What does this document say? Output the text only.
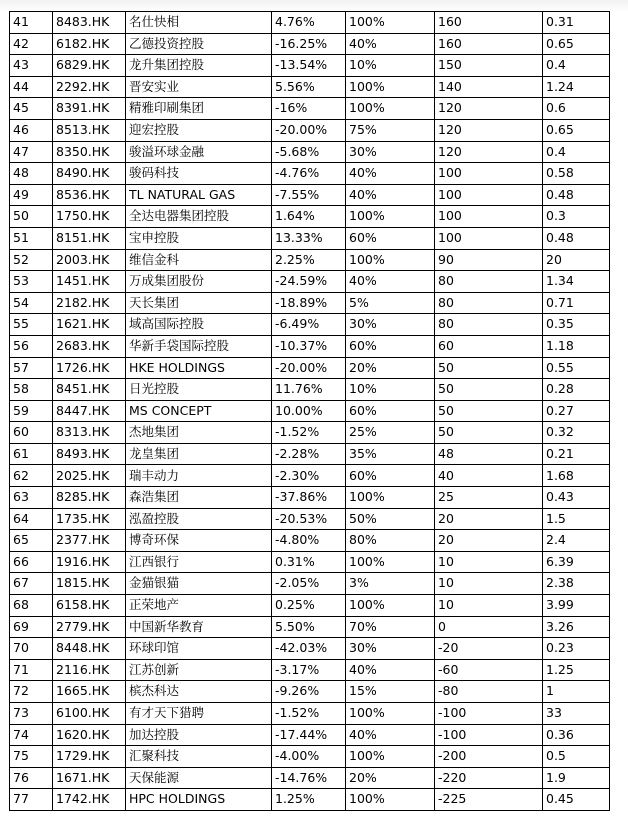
41	8483.HK	名仕快相	4.76%	100%	160	0.31
42	6182.HK	乙德投资控股	-16.25%	40%	160	0.65
43	6829.HK	龙升集团控股	-13.54%	10%	150	0.4
44	2292.HK	晋安实业	5.56%	100%	140	1.24
45	8391.HK	精雅印刷集团	-16%	100%	120	0.6
46	8513.HK	迎宏控股	-20.00%	75%	120	0.65
47	8350.HK	骏溢环球金融	-5.68%	30%	120	0.4
48	8490.HK	骏码科技	-4.76%	40%	100	0.58
49	8536.HK	TL NATURAL GAS	-7.55%	40%	100	0.48
50	1750.HK	全达电器集团控股	1.64%	100%	100	0.3
51	8151.HK	宝申控股	13.33%	60%	100	0.48
52	2003.HK	维信金科	2.25%	100%	90	20
53	1451.HK	万成集团股份	-24.59%	40%	80	1.34
54	2182.HK	天长集团	-18.89%	5%	80	0.71
55	1621.HK	域高国际控股	-6.49%	30%	80	0.35
56	2683.HK	华新手袋国际控股	-10.37%	60%	60	1.18
57	1726.HK	HKE HOLDINGS	-20.00%	20%	50	0.55
58	8451.HK	日光控股	11.76%	10%	50	0.28
59	8447.HK	MS CONCEPT	10.00%	60%	50	0.27
60	8313.HK	杰地集团	-1.52%	25%	50	0.32
61	8493.HK	龙皇集团	-2.28%	35%	48	0.21
62	2025.HK	瑞丰动力	-2.30%	60%	40	1.68
63	8285.HK	森浩集团	-37.86%	100%	25	0.43
64	1735.HK	泓盈控股	-20.53%	50%	20	1.5
65	2377.HK	博奇环保	-4.80%	80%	20	2.4
66	1916.HK	江西银行	0.31%	100%	10	6.39
67	1815.HK	金猫银猫	-2.05%	3%	10	2.38
68	6158.HK	正荣地产	0.25%	100%	10	3.99
69	2779.HK	中国新华教育	5.50%	70%	0	3.26
70	8448.HK	环球印馆	-42.03%	30%	-20	0.23
71	2116.HK	江苏创新	-3.17%	40%	-60	1.25
72	1665.HK	槟杰科达	-9.26%	15%	-80	1
73	6100.HK	有才天下猎聘	-1.52%	100%	-100	33
74	1620.HK	加达控股	-17.44%	40%	-100	0.36
75	1729.HK	汇聚科技	-4.00%	100%	-200	0.5
76	1671.HK	天保能源	-14.76%	20%	-220	1.9
77	1742.HK	HPC HOLDINGS	1.25%	100%	-225	0.45
